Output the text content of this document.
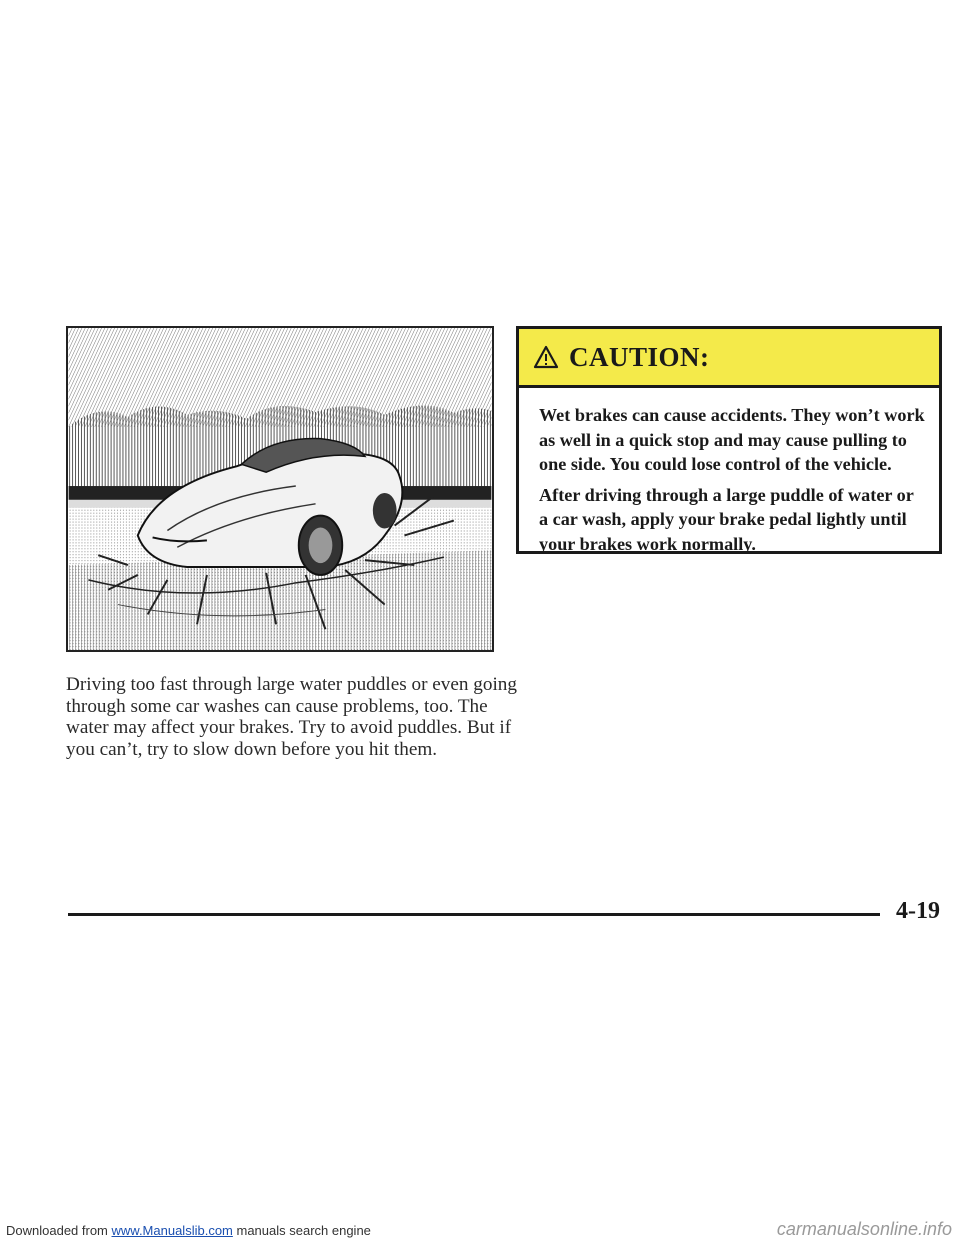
Driving too fast through large water puddles or even going through some car washes can cause problems, too. The water may affect your brakes. Try to avoid puddles. But if you can’t, try to slow down before you hit them.

CAUTION:

Wet brakes can cause accidents. They won’t work as well in a quick stop and may cause pulling to one side. You could lose control of the vehicle.

After driving through a large puddle of water or a car wash, apply your brake pedal lightly until your brakes work normally.

4-19
Downloaded from www.Manualslib.com manuals search engine	carmanualsonline.info
